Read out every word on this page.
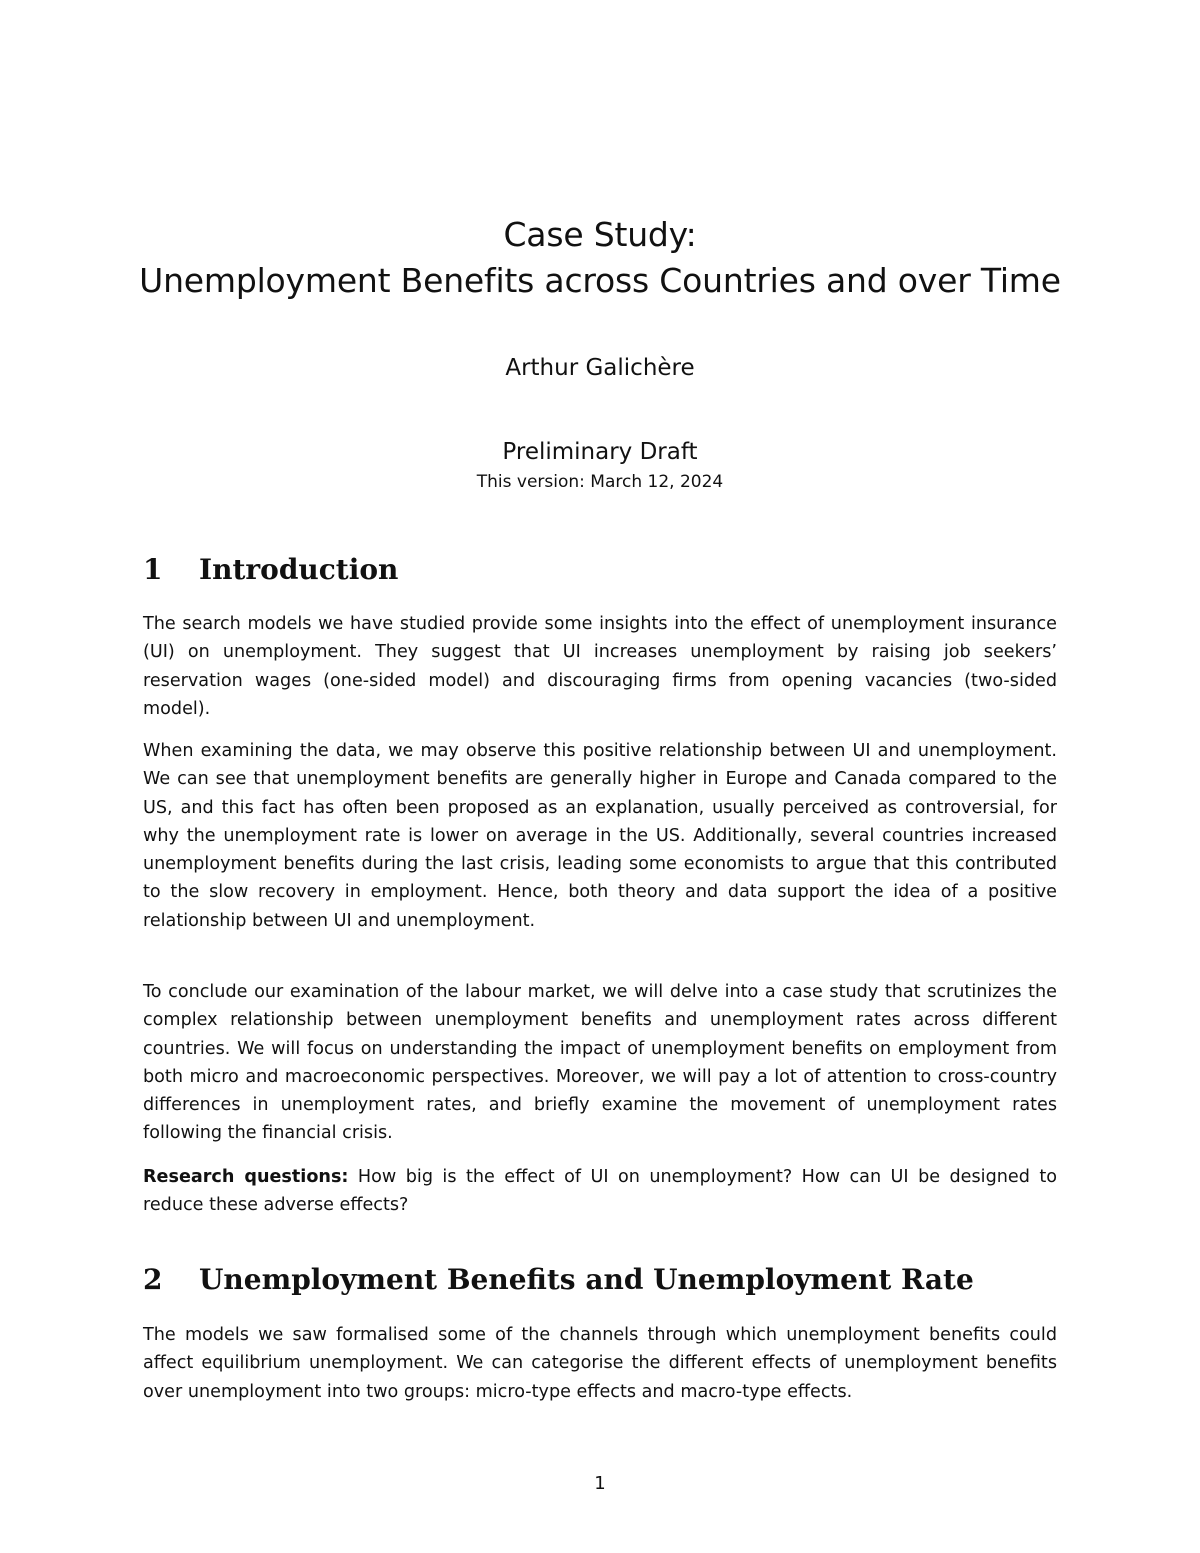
Case Study:
Unemployment Benefits across Countries and over Time
Arthur Galichère
Preliminary Draft
This version: March 12, 2024
1 Introduction

The search models we have studied provide some insights into the effect of unemployment insurance (UI) on unemployment. They suggest that UI increases unemployment by raising job seekers’ reservation wages (one-sided model) and discouraging firms from opening vacancies (two-sided model).

When examining the data, we may observe this positive relationship between UI and unemployment. We can see that unemployment benefits are generally higher in Europe and Canada compared to the US, and this fact has often been proposed as an explanation, usually perceived as controversial, for why the unemployment rate is lower on average in the US. Additionally, several countries increased unemployment benefits during the last crisis, leading some economists to argue that this contributed to the slow recovery in employment. Hence, both theory and data support the idea of a positive relationship between UI and unemployment.

To conclude our examination of the labour market, we will delve into a case study that scrutinizes the complex relationship between unemployment benefits and unemployment rates across different countries. We will focus on understanding the impact of unemployment benefits on employment from both micro and macroeconomic perspectives. Moreover, we will pay a lot of attention to cross-country differences in unemployment rates, and briefly examine the movement of unemployment rates following the financial crisis.

Research questions: How big is the effect of UI on unemployment? How can UI be designed to reduce these adverse effects?

2 Unemployment Benefits and Unemployment Rate

The models we saw formalised some of the channels through which unemployment benefits could affect equilibrium unemployment. We can categorise the different effects of unemployment benefits over unemployment into two groups: micro-type effects and macro-type effects.

1
